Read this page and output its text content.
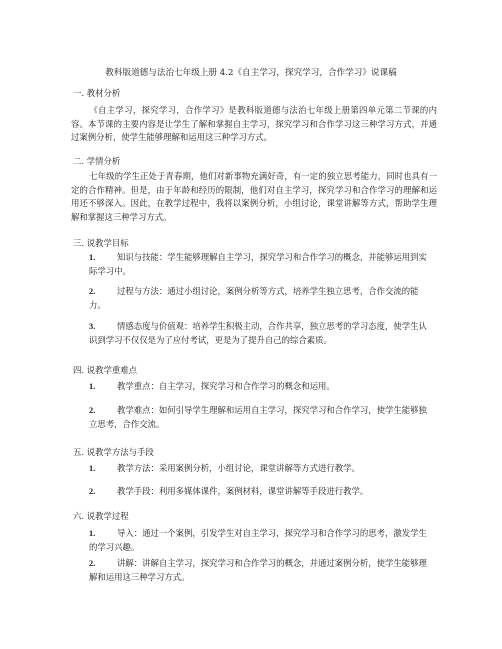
教科版道德与法治七年级上册 4.2《自主学习，探究学习，合作学习》说课稿
一. 教材分析
《自主学习，探究学习，合作学习》是教科版道德与法治七年级上册第四单元第二节课的内容。本节课的主要内容是让学生了解和掌握自主学习，探究学习和合作学习这三种学习方式，并通过案例分析，使学生能够理解和运用这三种学习方式。
二. 学情分析
七年级的学生正处于青春期，他们对新事物充满好奇，有一定的独立思考能力，同时也具有一定的合作精神。但是，由于年龄和经历的限制，他们对自主学习，探究学习和合作学习的理解和运用还不够深入。因此，在教学过程中，我将以案例分析，小组讨论，课堂讲解等方式，帮助学生理解和掌握这三种学习方式。
三. 说教学目标
1.	知识与技能：学生能够理解自主学习，探究学习和合作学习的概念，并能够运用到实际学习中。
2.	过程与方法：通过小组讨论，案例分析等方式，培养学生独立思考，合作交流的能力。
3.	情感态度与价值观：培养学生积极主动，合作共享，独立思考的学习态度，使学生认识到学习不仅仅是为了应付考试，更是为了提升自己的综合素质。
四. 说教学重难点
1.	教学重点：自主学习，探究学习和合作学习的概念和运用。
2.	教学难点：如何引导学生理解和运用自主学习，探究学习和合作学习，使学生能够独立思考，合作交流。
五. 说教学方法与手段
1.	教学方法：采用案例分析，小组讨论，课堂讲解等方式进行教学。
2.	教学手段：利用多媒体课件，案例材料，课堂讲解等手段进行教学。
六. 说教学过程
1.	导入：通过一个案例，引发学生对自主学习，探究学习和合作学习的思考，激发学生的学习兴趣。
2.	讲解：讲解自主学习，探究学习和合作学习的概念，并通过案例分析，使学生能够理解和运用这三种学习方式。
